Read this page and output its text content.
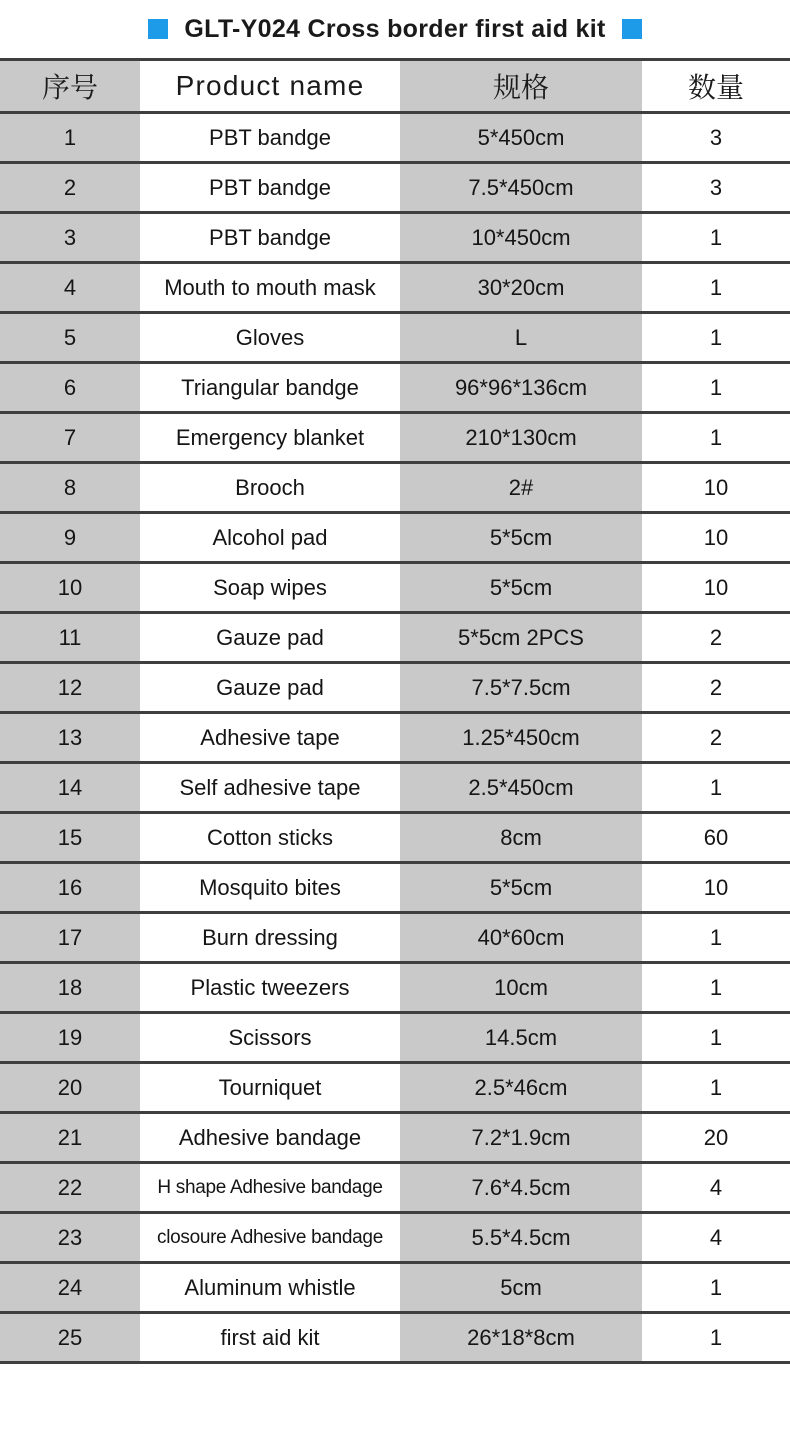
GLT-Y024 Cross border first aid kit
序号	Product name	规格	数量
1	PBT bandge	5*450cm	3
2	PBT bandge	7.5*450cm	3
3	PBT bandge	10*450cm	1
4	Mouth to mouth mask	30*20cm	1
5	Gloves	L	1
6	Triangular bandge	96*96*136cm	1
7	Emergency blanket	210*130cm	1
8	Brooch	2#	10
9	Alcohol pad	5*5cm	10
10	Soap wipes	5*5cm	10
11	Gauze pad	5*5cm 2PCS	2
12	Gauze pad	7.5*7.5cm	2
13	Adhesive tape	1.25*450cm	2
14	Self adhesive tape	2.5*450cm	1
15	Cotton sticks	8cm	60
16	Mosquito bites	5*5cm	10
17	Burn dressing	40*60cm	1
18	Plastic tweezers	10cm	1
19	Scissors	14.5cm	1
20	Tourniquet	2.5*46cm	1
21	Adhesive bandage	7.2*1.9cm	20
22	H shape Adhesive bandage	7.6*4.5cm	4
23	closoure Adhesive bandage	5.5*4.5cm	4
24	Aluminum whistle	5cm	1
25	first aid kit	26*18*8cm	1
